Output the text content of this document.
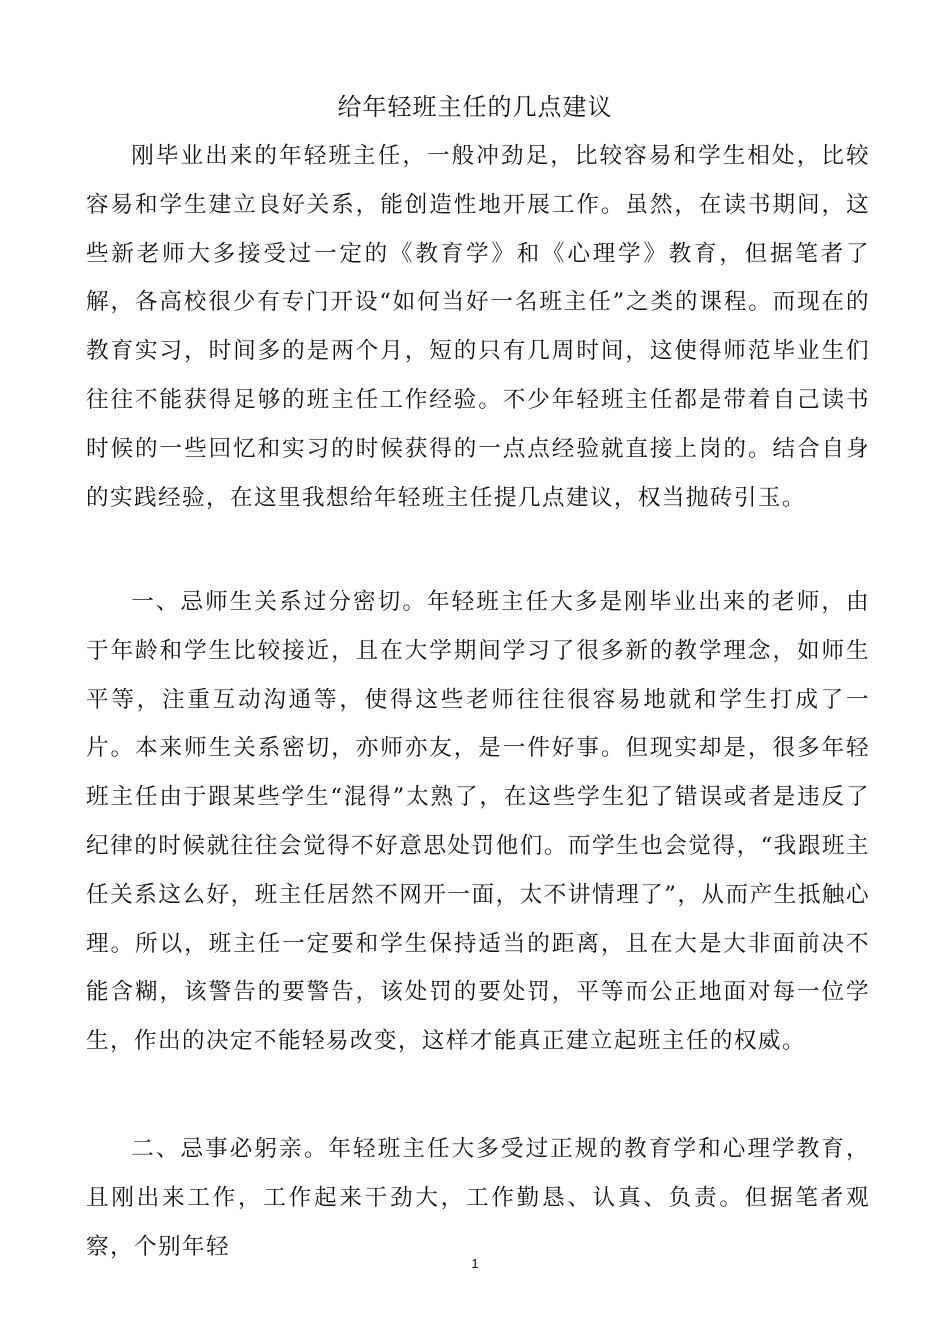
给年轻班主任的几点建议

刚毕业出来的年轻班主任，一般冲劲足，比较容易和学生相处，比较容易和学生建立良好关系，能创造性地开展工作。虽然，在读书期间，这些新老师大多接受过一定的《教育学》和《心理学》教育，但据笔者了解，各高校很少有专门开设“如何当好一名班主任”之类的课程。而现在的教育实习，时间多的是两个月，短的只有几周时间，这使得师范毕业生们往往不能获得足够的班主任工作经验。不少年轻班主任都是带着自己读书时候的一些回忆和实习的时候获得的一点点经验就直接上岗的。结合自身的实践经验，在这里我想给年轻班主任提几点建议，权当抛砖引玉。

一、忌师生关系过分密切。年轻班主任大多是刚毕业出来的老师，由于年龄和学生比较接近，且在大学期间学习了很多新的教学理念，如师生平等，注重互动沟通等，使得这些老师往往很容易地就和学生打成了一片。本来师生关系密切，亦师亦友，是一件好事。但现实却是，很多年轻班主任由于跟某些学生“混得”太熟了，在这些学生犯了错误或者是违反了纪律的时候就往往会觉得不好意思处罚他们。而学生也会觉得，“我跟班主任关系这么好，班主任居然不网开一面，太不讲情理了”，从而产生抵触心理。所以，班主任一定要和学生保持适当的距离，且在大是大非面前决不能含糊，该警告的要警告，该处罚的要处罚，平等而公正地面对每一位学生，作出的决定不能轻易改变，这样才能真正建立起班主任的权威。

二、忌事必躬亲。年轻班主任大多受过正规的教育学和心理学教育，且刚出来工作，工作起来干劲大，工作勤恳、认真、负责。但据笔者观察，个别年轻

1
